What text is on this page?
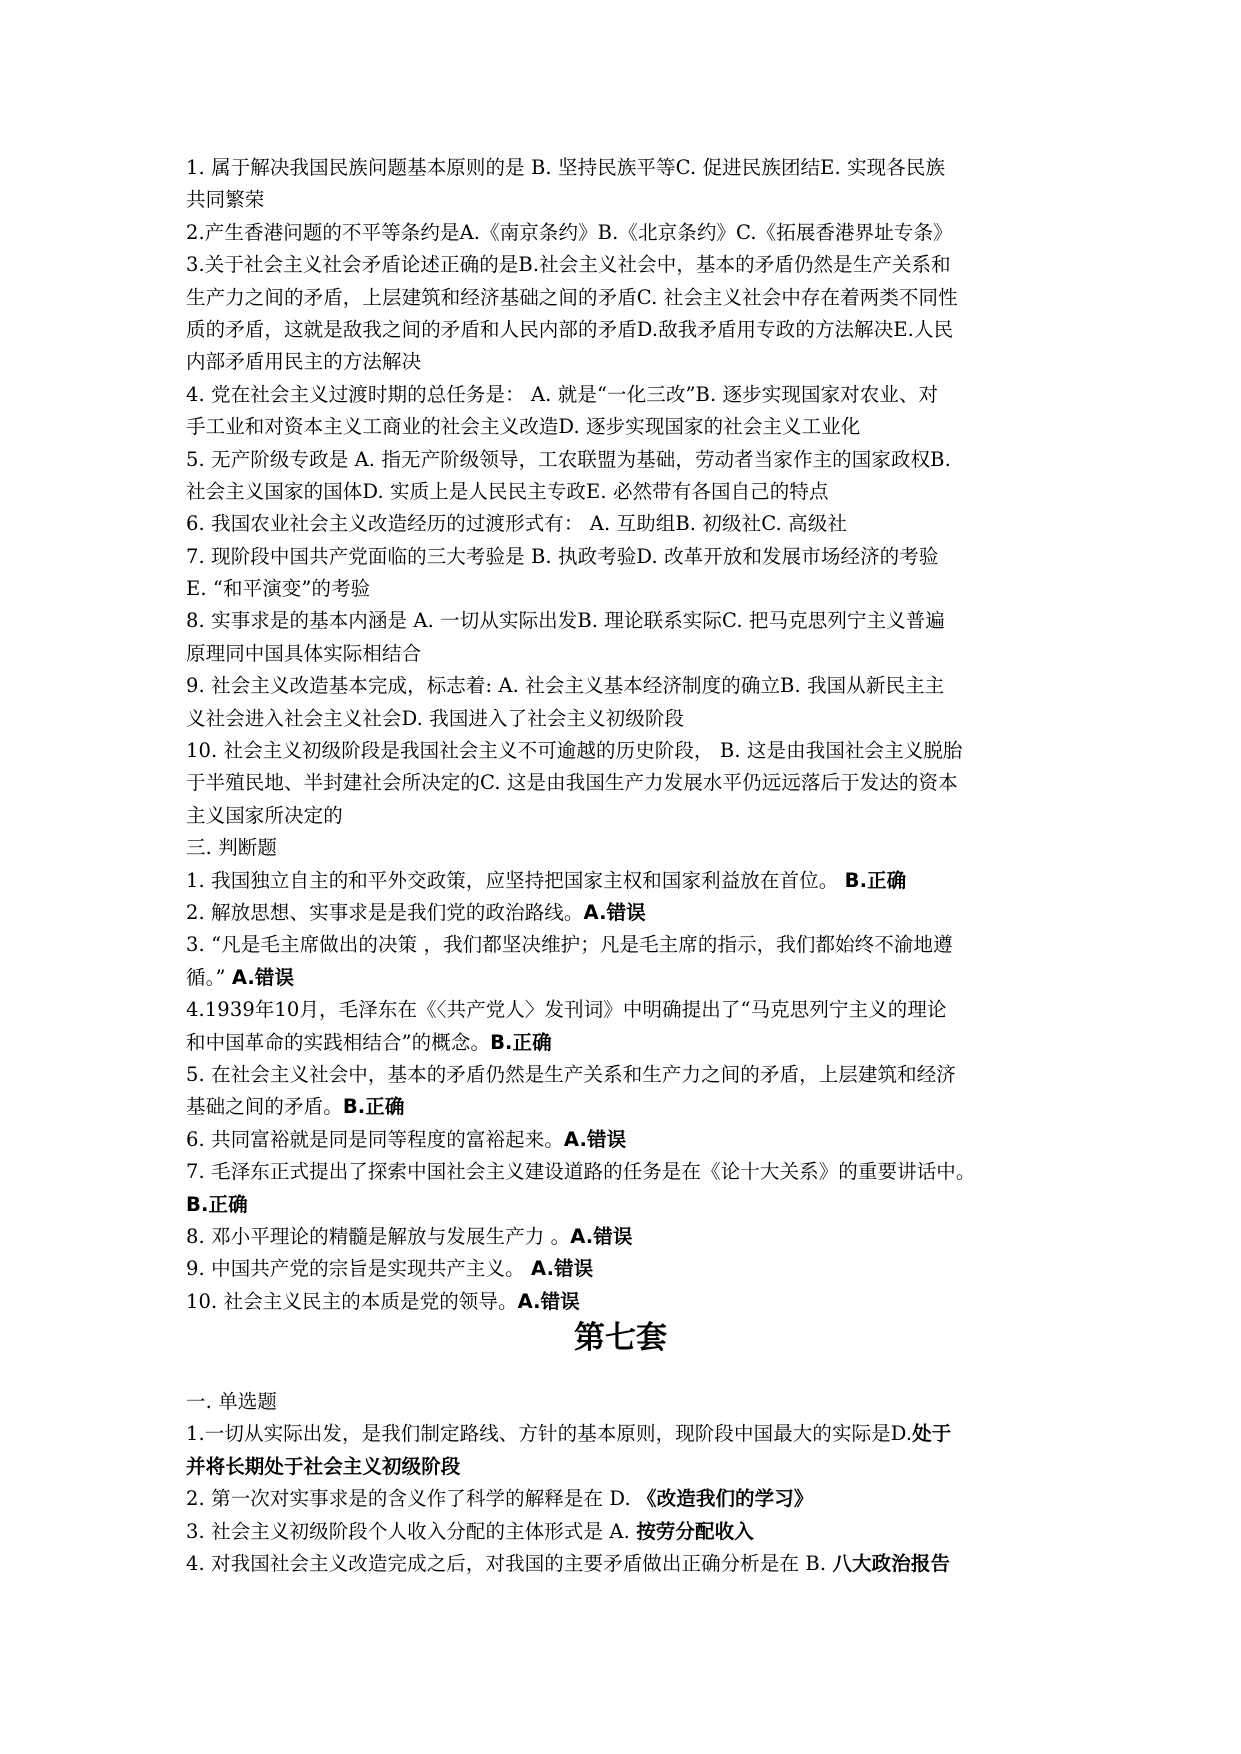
1. 属于解决我国民族问题基本原则的是 B. 坚持民族平等C. 促进民族团结E. 实现各民族
共同繁荣
2.产生香港问题的不平等条约是A.《南京条约》B.《北京条约》C.《拓展香港界址专条》
3.关于社会主义社会矛盾论述正确的是B.社会主义社会中，基本的矛盾仍然是生产关系和
生产力之间的矛盾，上层建筑和经济基础之间的矛盾C. 社会主义社会中存在着两类不同性
质的矛盾，这就是敌我之间的矛盾和人民内部的矛盾D.敌我矛盾用专政的方法解决E.人民
内部矛盾用民主的方法解决
4. 党在社会主义过渡时期的总任务是： A. 就是“一化三改”B. 逐步实现国家对农业、对
手工业和对资本主义工商业的社会主义改造D. 逐步实现国家的社会主义工业化
5. 无产阶级专政是 A. 指无产阶级领导，工农联盟为基础，劳动者当家作主的国家政权B.
社会主义国家的国体D. 实质上是人民民主专政E. 必然带有各国自己的特点
6. 我国农业社会主义改造经历的过渡形式有： A. 互助组B. 初级社C. 高级社
7. 现阶段中国共产党面临的三大考验是 B. 执政考验D. 改革开放和发展市场经济的考验
E. “和平演变”的考验
8. 实事求是的基本内涵是 A. 一切从实际出发B. 理论联系实际C. 把马克思列宁主义普遍
原理同中国具体实际相结合
9. 社会主义改造基本完成，标志着: A. 社会主义基本经济制度的确立B. 我国从新民主主
义社会进入社会主义社会D. 我国进入了社会主义初级阶段
10. 社会主义初级阶段是我国社会主义不可逾越的历史阶段， B. 这是由我国社会主义脱胎
于半殖民地、半封建社会所决定的C. 这是由我国生产力发展水平仍远远落后于发达的资本
主义国家所决定的
三. 判断题
1. 我国独立自主的和平外交政策，应坚持把国家主权和国家利益放在首位。 B.正确
2. 解放思想、实事求是是我们党的政治路线。A.错误
3. “凡是毛主席做出的决策 ，我们都坚决维护；凡是毛主席的指示，我们都始终不渝地遵
循。” A.错误
4.1939年10月，毛泽东在《〈共产党人〉发刊词》中明确提出了“马克思列宁主义的理论
和中国革命的实践相结合”的概念。B.正确
5. 在社会主义社会中，基本的矛盾仍然是生产关系和生产力之间的矛盾，上层建筑和经济
基础之间的矛盾。B.正确
6. 共同富裕就是同是同等程度的富裕起来。A.错误
7. 毛泽东正式提出了探索中国社会主义建设道路的任务是在《论十大关系》的重要讲话中。
B.正确
8. 邓小平理论的精髓是解放与发展生产力 。A.错误
9. 中国共产党的宗旨是实现共产主义。 A.错误
10. 社会主义民主的本质是党的领导。A.错误
第七套
一. 单选题
1.一切从实际出发，是我们制定路线、方针的基本原则，现阶段中国最大的实际是D.处于
并将长期处于社会主义初级阶段
2. 第一次对实事求是的含义作了科学的解释是在 D. 《改造我们的学习》
3. 社会主义初级阶段个人收入分配的主体形式是 A. 按劳分配收入
4. 对我国社会主义改造完成之后，对我国的主要矛盾做出正确分析是在 B. 八大政治报告
